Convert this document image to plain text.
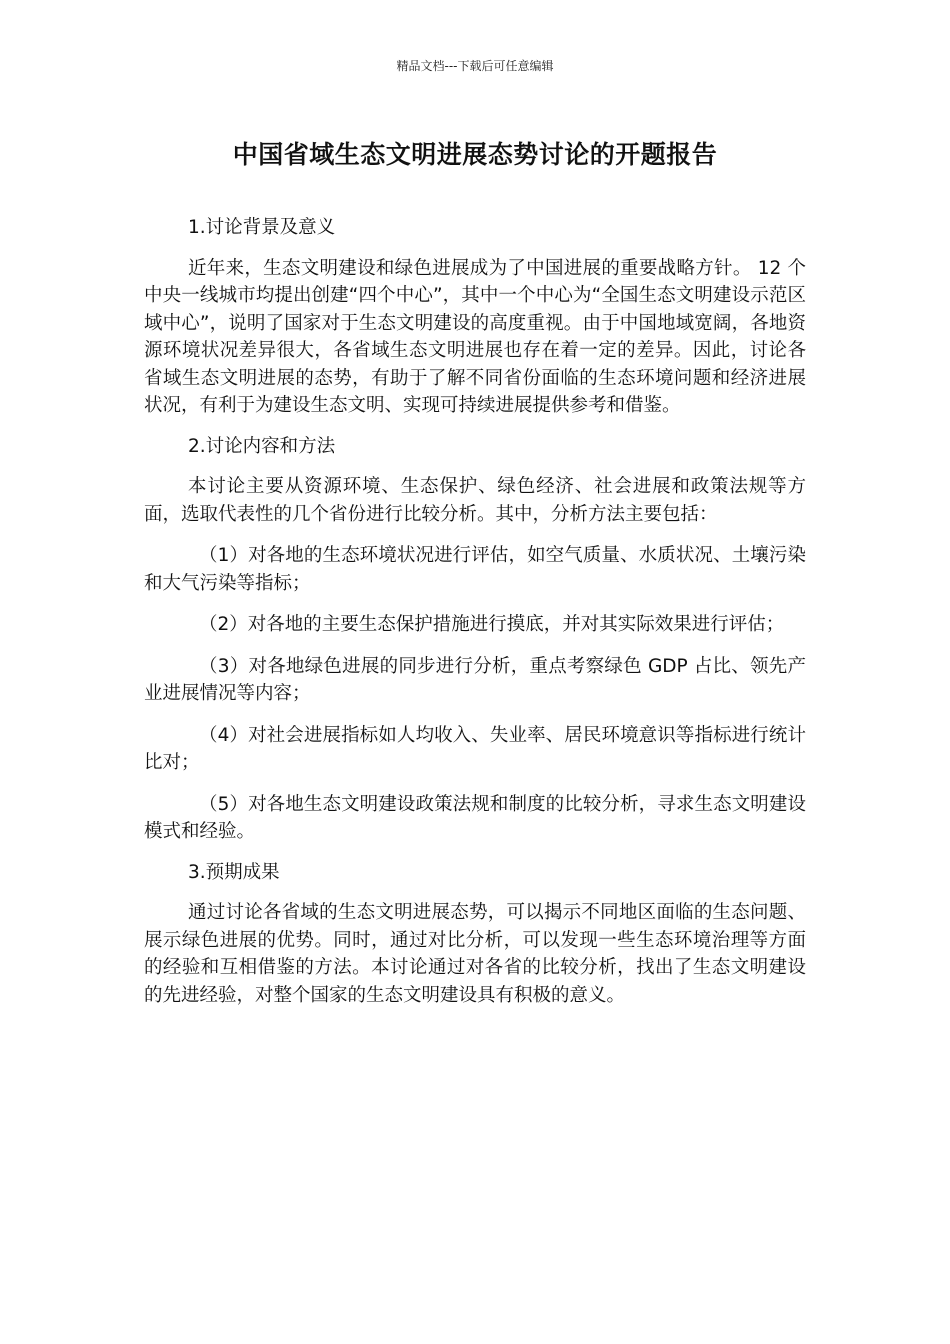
精品文档---下载后可任意编辑
中国省域生态文明进展态势讨论的开题报告

1.讨论背景及意义

近年来，生态文明建设和绿色进展成为了中国进展的重要战略方针。 12 个中央一线城市均提出创建“四个中心”，其中一个中心为“全国生态文明建设示范区域中心”，说明了国家对于生态文明建设的高度重视。由于中国地域宽阔，各地资源环境状况差异很大，各省域生态文明进展也存在着一定的差异。因此，讨论各省域生态文明进展的态势，有助于了解不同省份面临的生态环境问题和经济进展状况，有利于为建设生态文明、实现可持续进展提供参考和借鉴。

2.讨论内容和方法

本讨论主要从资源环境、生态保护、绿色经济、社会进展和政策法规等方面，选取代表性的几个省份进行比较分析。其中，分析方法主要包括：

（1）对各地的生态环境状况进行评估，如空气质量、水质状况、土壤污染和大气污染等指标；

（2）对各地的主要生态保护措施进行摸底，并对其实际效果进行评估；

（3）对各地绿色进展的同步进行分析，重点考察绿色 GDP 占比、领先产业进展情况等内容；

（4）对社会进展指标如人均收入、失业率、居民环境意识等指标进行统计比对；

（5）对各地生态文明建设政策法规和制度的比较分析，寻求生态文明建设模式和经验。

3.预期成果

通过讨论各省域的生态文明进展态势，可以揭示不同地区面临的生态问题、展示绿色进展的优势。同时，通过对比分析，可以发现一些生态环境治理等方面的经验和互相借鉴的方法。本讨论通过对各省的比较分析，找出了生态文明建设的先进经验，对整个国家的生态文明建设具有积极的意义。
